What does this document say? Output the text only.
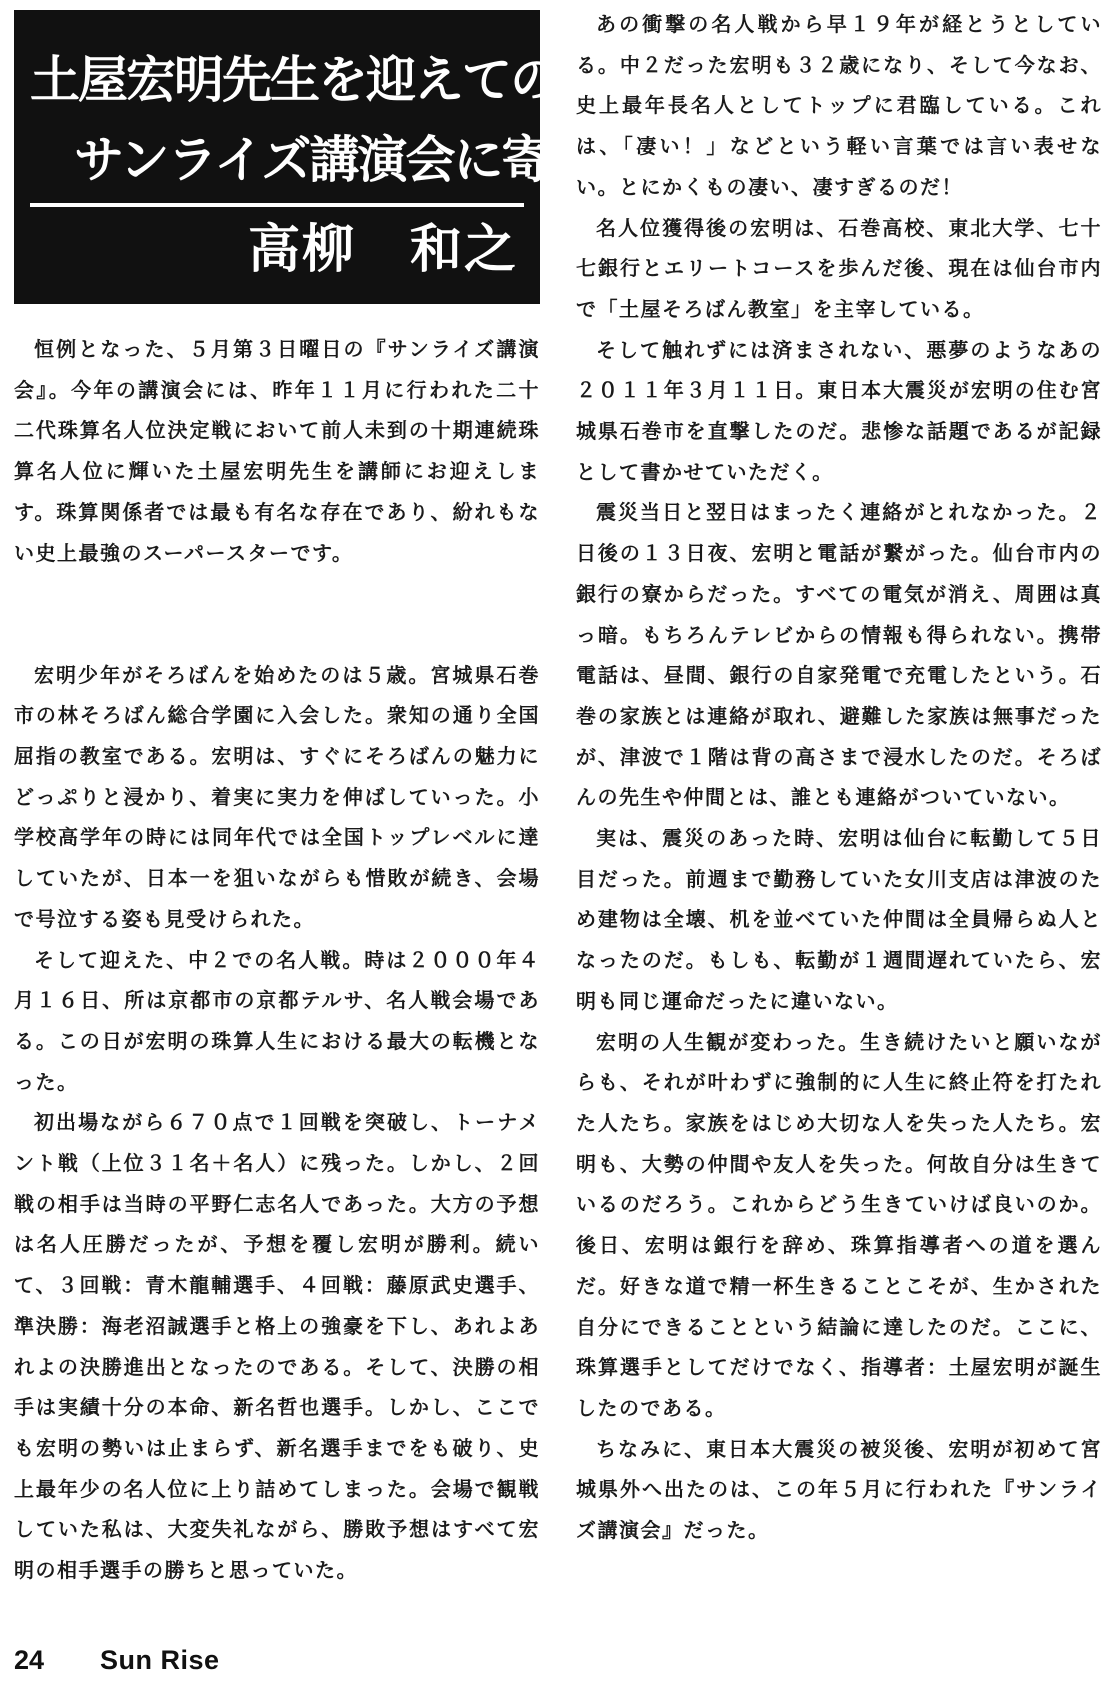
土屋宏明先生を迎えての
サンライズ講演会に寄せて
高柳　和之

恒例となった、５月第３日曜日の『サンライズ講演会』。今年の講演会には、昨年１１月に行われた二十二代珠算名人位決定戦において前人未到の十期連続珠算名人位に輝いた土屋宏明先生を講師にお迎えします。珠算関係者では最も有名な存在であり、紛れもない史上最強のスーパースターです。

宏明少年がそろばんを始めたのは５歳。宮城県石巻市の林そろばん総合学園に入会した。衆知の通り全国屈指の教室である。宏明は、すぐにそろばんの魅力にどっぷりと浸かり、着実に実力を伸ばしていった。小学校高学年の時には同年代では全国トップレベルに達していたが、日本一を狙いながらも惜敗が続き、会場で号泣する姿も見受けられた。

そして迎えた、中２での名人戦。時は２０００年４月１６日、所は京都市の京都テルサ、名人戦会場である。この日が宏明の珠算人生における最大の転機となった。

初出場ながら６７０点で１回戦を突破し、トーナメント戦（上位３１名＋名人）に残った。しかし、２回戦の相手は当時の平野仁志名人であった。大方の予想は名人圧勝だったが、予想を覆し宏明が勝利。続いて、３回戦：青木龍輔選手、４回戦：藤原武史選手、準決勝：海老沼誠選手と格上の強豪を下し、あれよあれよの決勝進出となったのである。そして、決勝の相手は実績十分の本命、新名哲也選手。しかし、ここでも宏明の勢いは止まらず、新名選手までをも破り、史上最年少の名人位に上り詰めてしまった。会場で観戦していた私は、大変失礼ながら、勝敗予想はすべて宏明の相手選手の勝ちと思っていた。

あの衝撃の名人戦から早１９年が経とうとしている。中２だった宏明も３２歳になり、そして今なお、史上最年長名人としてトップに君臨している。これは、「凄い！」などという軽い言葉では言い表せない。とにかくもの凄い、凄すぎるのだ！

名人位獲得後の宏明は、石巻高校、東北大学、七十七銀行とエリートコースを歩んだ後、現在は仙台市内で「土屋そろばん教室」を主宰している。

そして触れずには済まされない、悪夢のようなあの２０１１年３月１１日。東日本大震災が宏明の住む宮城県石巻市を直撃したのだ。悲惨な話題であるが記録として書かせていただく。

震災当日と翌日はまったく連絡がとれなかった。２日後の１３日夜、宏明と電話が繋がった。仙台市内の銀行の寮からだった。すべての電気が消え、周囲は真っ暗。もちろんテレビからの情報も得られない。携帯電話は、昼間、銀行の自家発電で充電したという。石巻の家族とは連絡が取れ、避難した家族は無事だったが、津波で１階は背の高さまで浸水したのだ。そろばんの先生や仲間とは、誰とも連絡がついていない。

実は、震災のあった時、宏明は仙台に転勤して５日目だった。前週まで勤務していた女川支店は津波のため建物は全壊、机を並べていた仲間は全員帰らぬ人となったのだ。もしも、転勤が１週間遅れていたら、宏明も同じ運命だったに違いない。

宏明の人生観が変わった。生き続けたいと願いながらも、それが叶わずに強制的に人生に終止符を打たれた人たち。家族をはじめ大切な人を失った人たち。宏明も、大勢の仲間や友人を失った。何故自分は生きているのだろう。これからどう生きていけば良いのか。後日、宏明は銀行を辞め、珠算指導者への道を選んだ。好きな道で精一杯生きることこそが、生かされた自分にできることという結論に達したのだ。ここに、珠算選手としてだけでなく、指導者：土屋宏明が誕生したのである。

ちなみに、東日本大震災の被災後、宏明が初めて宮城県外へ出たのは、この年５月に行われた『サンライズ講演会』だった。

24 Sun Rise
